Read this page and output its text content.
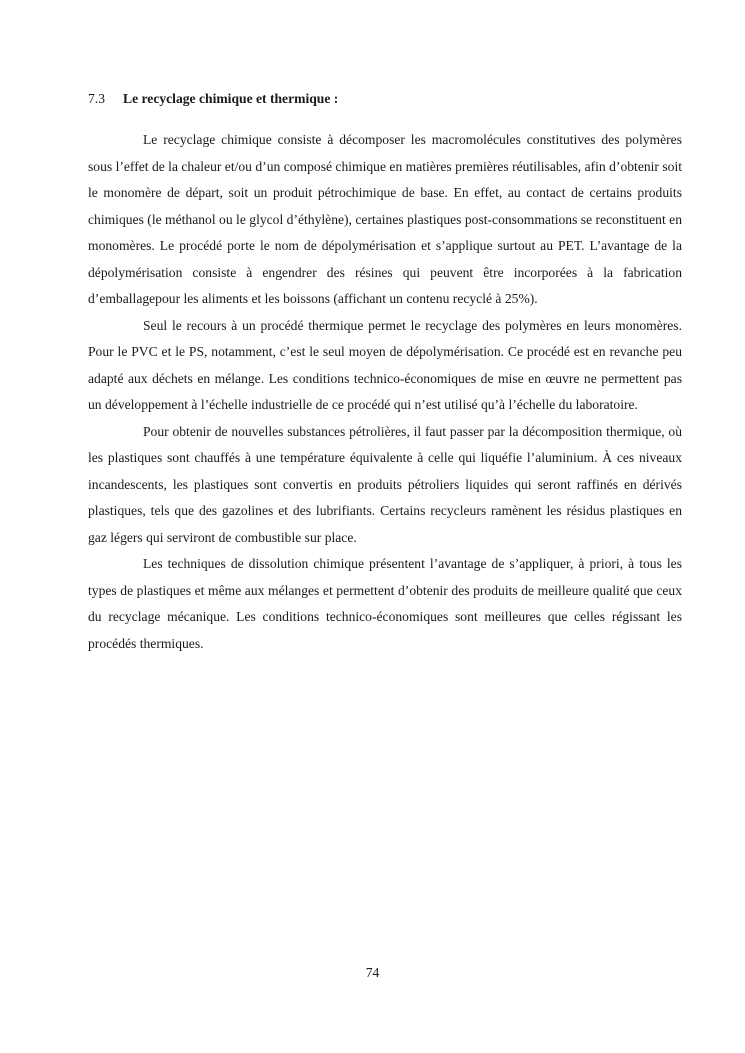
7.3 Le recyclage chimique et thermique :

Le recyclage chimique consiste à décomposer les macromolécules constitutives des polymères sous l’effet de la chaleur et/ou d’un composé chimique en matières premières réutilisables, afin d’obtenir soit le monomère de départ, soit un produit pétrochimique de base. En effet, au contact de certains produits chimiques (le méthanol ou le glycol d’éthylène), certaines plastiques post-consommations se reconstituent en monomères. Le procédé porte le nom de dépolymérisation et s’applique surtout au PET. L’avantage de la dépolymérisation consiste à engendrer des résines qui peuvent être incorporées à la fabrication d’emballagepour les aliments et les boissons (affichant un contenu recyclé à 25%).

Seul le recours à un procédé thermique permet le recyclage des polymères en leurs monomères. Pour le PVC et le PS, notamment, c’est le seul moyen de dépolymérisation. Ce procédé est en revanche peu adapté aux déchets en mélange. Les conditions technico-économiques de mise en œuvre ne permettent pas un développement à l’échelle industrielle de ce procédé qui n’est utilisé qu’à l’échelle du laboratoire.

Pour obtenir de nouvelles substances pétrolières, il faut passer par la décomposition thermique, où les plastiques sont chauffés à une température équivalente à celle qui liquéfie l’aluminium. À ces niveaux incandescents, les plastiques sont convertis en produits pétroliers liquides qui seront raffinés en dérivés plastiques, tels que des gazolines et des lubrifiants. Certains recycleurs ramènent les résidus plastiques en gaz légers qui serviront de combustible sur place.

Les techniques de dissolution chimique présentent l’avantage de s’appliquer, à priori, à tous les types de plastiques et même aux mélanges et permettent d’obtenir des produits de meilleure qualité que ceux du recyclage mécanique. Les conditions technico-économiques sont meilleures que celles régissant les procédés thermiques.

74
